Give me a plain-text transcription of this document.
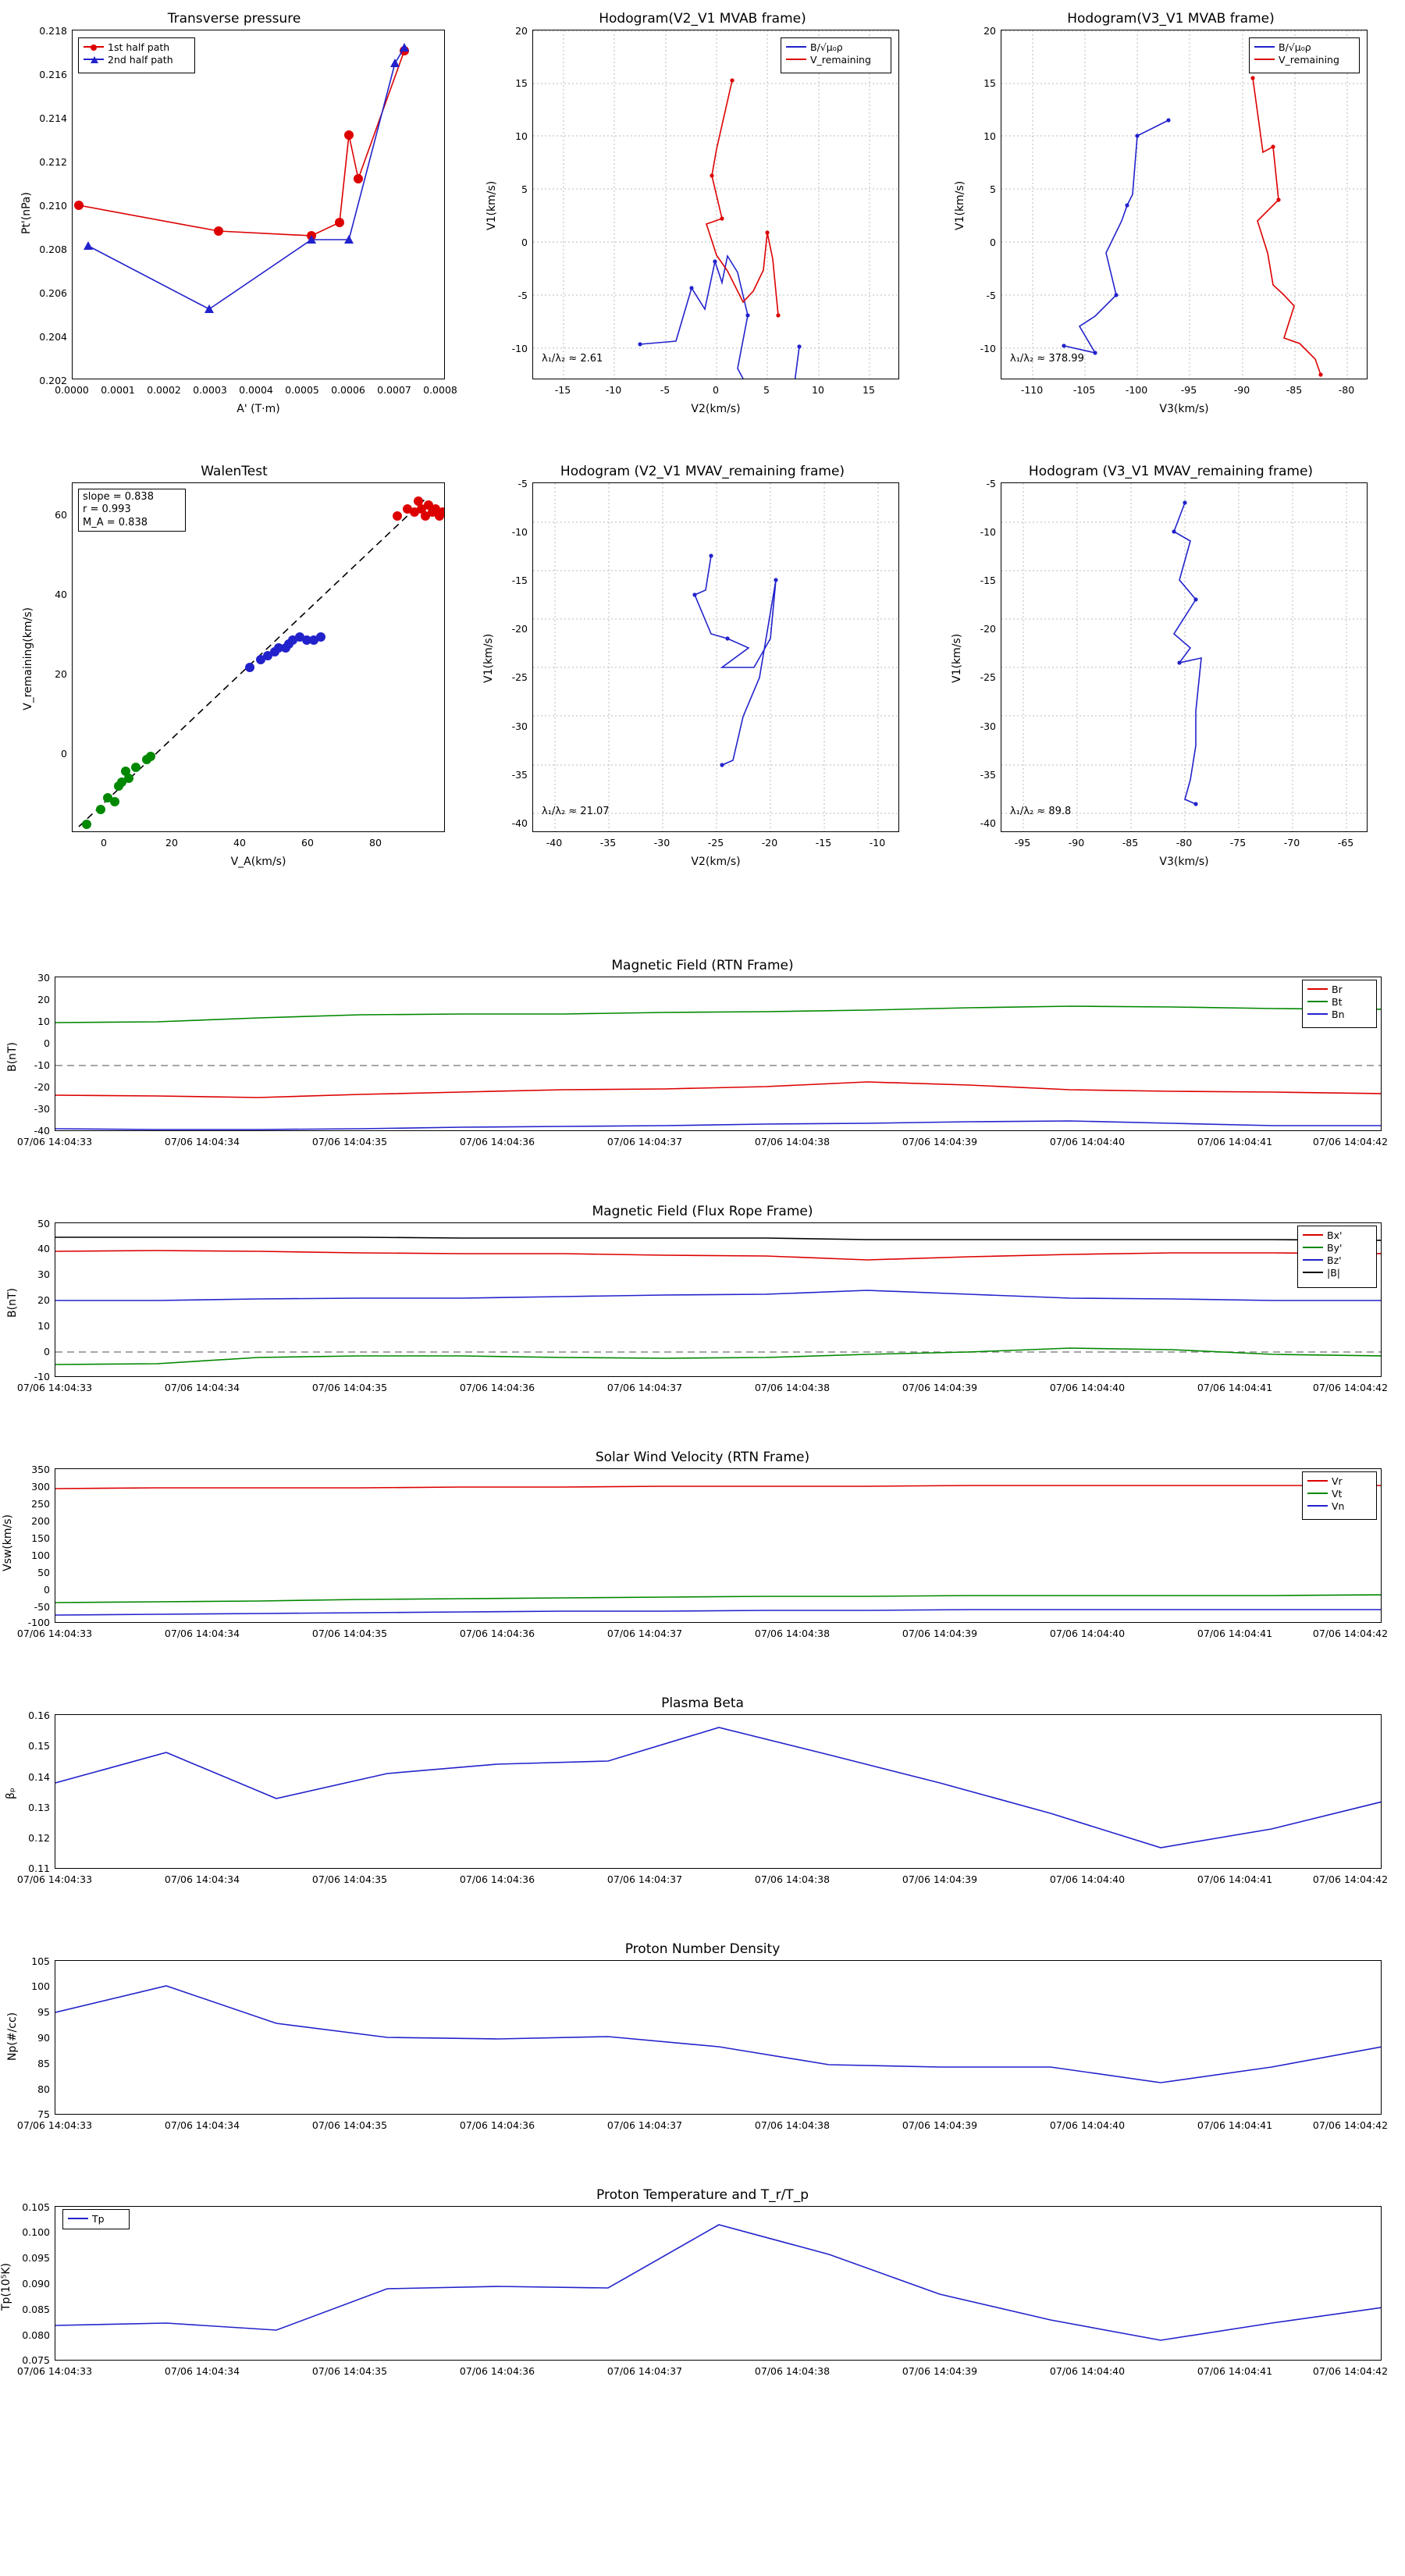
Transverse pressure
1st half path
2nd half path
0.218
0.216
0.214
0.212
0.210
0.208
0.206
0.204
0.202
Pt'(nPa)
0.0000	0.0001	0.0002	0.0003	0.0004	0.0005	0.0006	0.0007	0.0008
A' (T·m)
Hodogram(V2_V1 MVAB frame)
B/√μ₀ρ
V_remaining
λ₁/λ₂ ≈ 2.61
20
15
10
5
0
-5
-10
V1(km/s)
-15	-10	-5	0	5	10	15
V2(km/s)
Hodogram(V3_V1 MVAB frame)
B/√μ₀ρ
V_remaining
λ₁/λ₂ ≈ 378.99
20
15
10
5
0
-5
-10
V1(km/s)
-110	-105	-100	-95	-90	-85	-80
V3(km/s)
WalenTest
slope = 0.838
r = 0.993
M_A = 0.838
60
40
20
0
V_remaining(km/s)
0	20	40	60	80
V_A(km/s)
Hodogram (V2_V1 MVAV_remaining frame)
λ₁/λ₂ ≈ 21.07
-5
-10
-15
-20
-25
-30
-35
-40
V1(km/s)
-40	-35	-30	-25	-20	-15	-10
V2(km/s)
Hodogram (V3_V1 MVAV_remaining frame)
λ₁/λ₂ ≈ 89.8
-5
-10
-15
-20
-25
-30
-35
-40
V1(km/s)
-95	-90	-85	-80	-75	-70	-65
V3(km/s)
Magnetic Field (RTN Frame)
Br
Bt
Bn
30
20
10
0
-10
-20
-30
-40
B(nT)
07/06 14:04:33	07/06 14:04:34	07/06 14:04:35	07/06 14:04:36	07/06 14:04:37	07/06 14:04:38	07/06 14:04:39	07/06 14:04:40	07/06 14:04:41	07/06 14:04:42
Magnetic Field (Flux Rope Frame)
Bx'
By'
Bz'
|B|
50
40
30
20
10
0
-10
B(nT)
07/06 14:04:33	07/06 14:04:34	07/06 14:04:35	07/06 14:04:36	07/06 14:04:37	07/06 14:04:38	07/06 14:04:39	07/06 14:04:40	07/06 14:04:41	07/06 14:04:42
Solar Wind Velocity (RTN Frame)
Vr
Vt
Vn
350
300
250
200
150
100
50
0
-50
-100
Vsw(km/s)
07/06 14:04:33	07/06 14:04:34	07/06 14:04:35	07/06 14:04:36	07/06 14:04:37	07/06 14:04:38	07/06 14:04:39	07/06 14:04:40	07/06 14:04:41	07/06 14:04:42
Plasma Beta
0.16
0.15
0.14
0.13
0.12
0.11
βₚ
07/06 14:04:33	07/06 14:04:34	07/06 14:04:35	07/06 14:04:36	07/06 14:04:37	07/06 14:04:38	07/06 14:04:39	07/06 14:04:40	07/06 14:04:41	07/06 14:04:42
Proton Number Density
105
100
95
90
85
80
75
Np(#/cc)
07/06 14:04:33	07/06 14:04:34	07/06 14:04:35	07/06 14:04:36	07/06 14:04:37	07/06 14:04:38	07/06 14:04:39	07/06 14:04:40	07/06 14:04:41	07/06 14:04:42
Proton Temperature and T_r/T_p
Tp
0.105
0.100
0.095
0.090
0.085
0.080
0.075
Tp(10⁵K)
07/06 14:04:33	07/06 14:04:34	07/06 14:04:35	07/06 14:04:36	07/06 14:04:37	07/06 14:04:38	07/06 14:04:39	07/06 14:04:40	07/06 14:04:41	07/06 14:04:42
